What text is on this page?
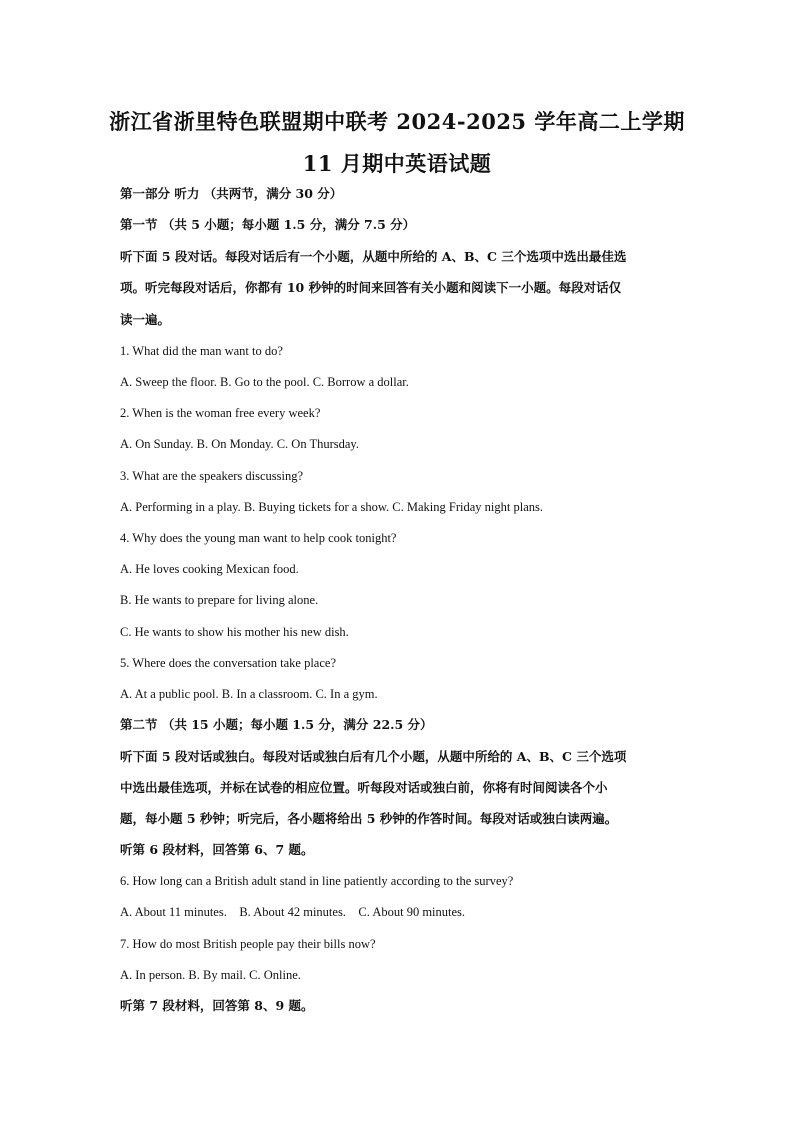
浙江省浙里特色联盟期中联考 2024-2025 学年高二上学期
11 月期中英语试题
第一部分 听力 （共两节，满分 30 分）
第一节 （共 5 小题；每小题 1.5 分，满分 7.5 分）
听下面 5 段对话。每段对话后有一个小题，从题中所给的 A、B、C 三个选项中选出最佳选
项。听完每段对话后，你都有 10 秒钟的时间来回答有关小题和阅读下一小题。每段对话仅
读一遍。
1. What did the man want to do?
A. Sweep the floor. B. Go to the pool. C. Borrow a dollar.
2. When is the woman free every week?
A. On Sunday. B. On Monday. C. On Thursday.
3. What are the speakers discussing?
A. Performing in a play. B. Buying tickets for a show. C. Making Friday night plans.
4. Why does the young man want to help cook tonight?
A. He loves cooking Mexican food.
B. He wants to prepare for living alone.
C. He wants to show his mother his new dish.
5. Where does the conversation take place?
A. At a public pool. B. In a classroom. C. In a gym.
第二节 （共 15 小题；每小题 1.5 分，满分 22.5 分）
听下面 5 段对话或独白。每段对话或独白后有几个小题，从题中所给的 A、B、C 三个选项
中选出最佳选项，并标在试卷的相应位置。听每段对话或独白前，你将有时间阅读各个小
题，每小题 5 秒钟；听完后，各小题将给出 5 秒钟的作答时间。每段对话或独白读两遍。
听第 6 段材料，回答第 6、7 题。
6. How long can a British adult stand in line patiently according to the survey?
A. About 11 minutes.    B. About 42 minutes.    C. About 90 minutes.
7. How do most British people pay their bills now?
A. In person. B. By mail. C. Online.
听第 7 段材料，回答第 8、9 题。
